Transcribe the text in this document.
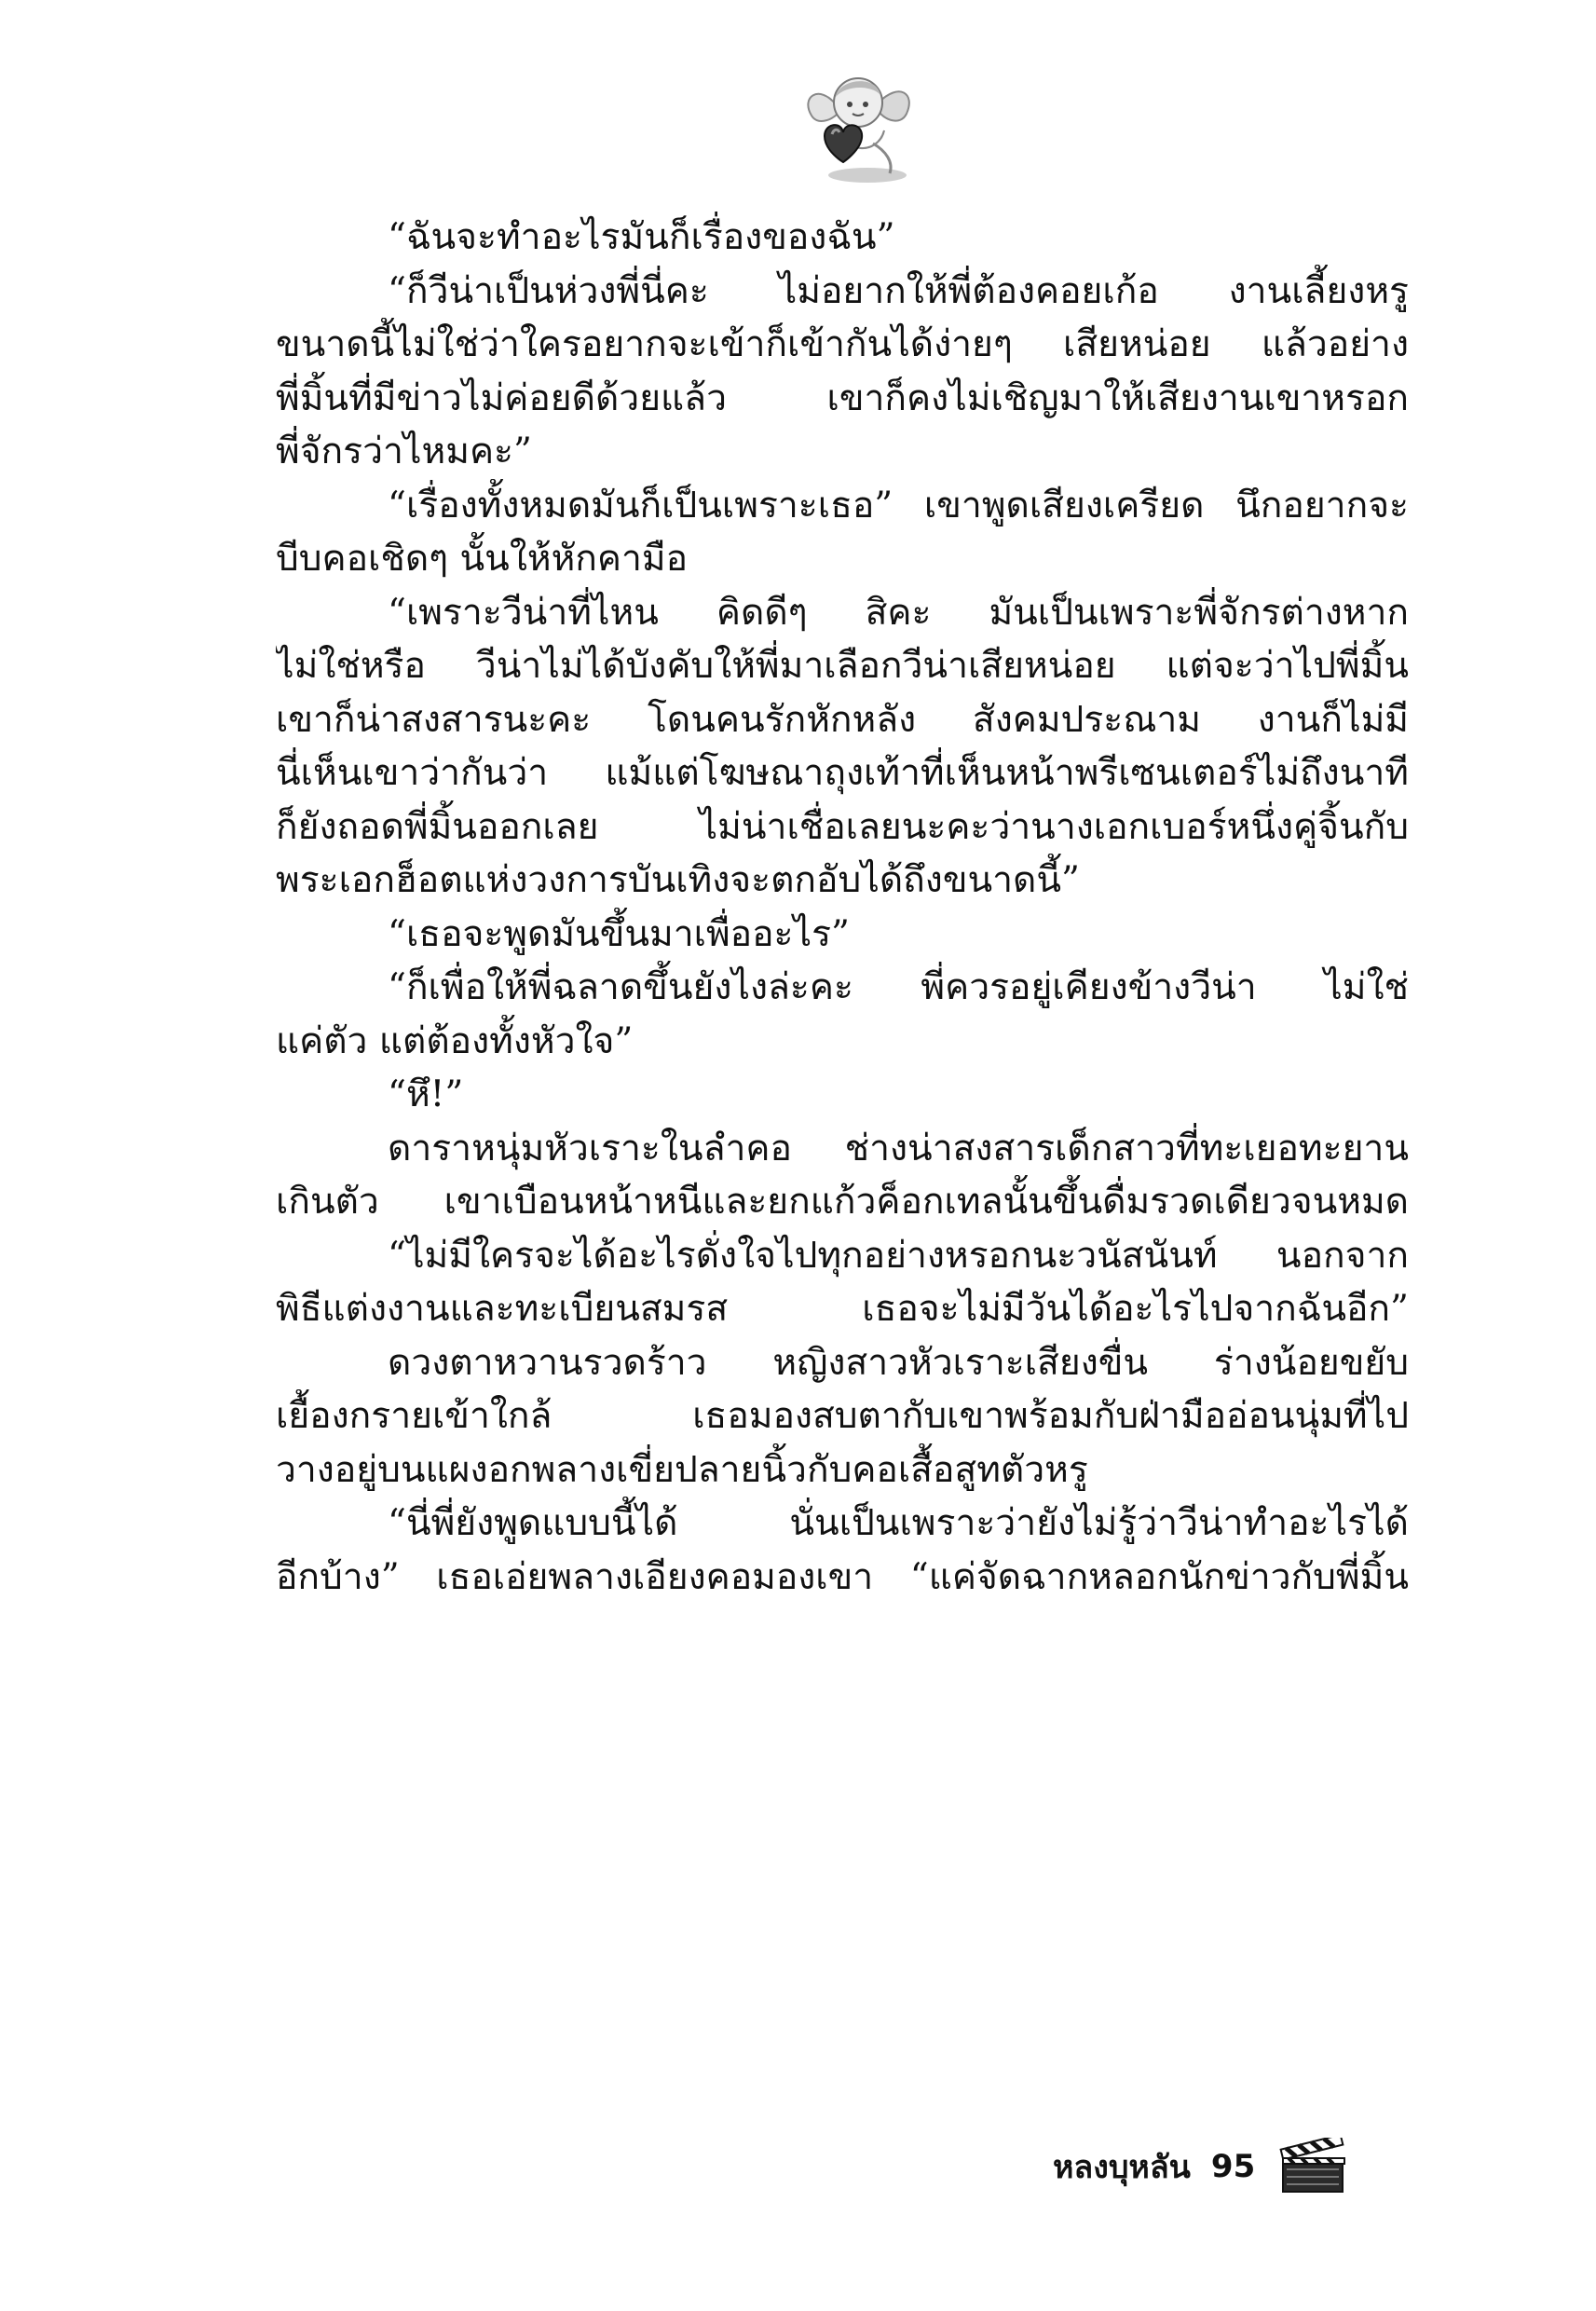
“ฉันจะทำอะไรมันก็เรื่องของฉัน”
“ก็วีน่าเป็นห่วงพี่นี่คะ ไม่อยากให้พี่ต้องคอยเก้อ งานเลี้ยงหรู
ขนาดนี้ไม่ใช่ว่าใครอยากจะเข้าก็เข้ากันได้ง่ายๆ เสียหน่อย แล้วอย่าง
พี่มิ้นที่มีข่าวไม่ค่อยดีด้วยแล้ว เขาก็คงไม่เชิญมาให้เสียงานเขาหรอก
พี่จักรว่าไหมคะ”
“เรื่องทั้งหมดมันก็เป็นเพราะเธอ” เขาพูดเสียงเครียด นึกอยากจะ
บีบคอเชิดๆ นั้นให้หักคามือ
“เพราะวีน่าที่ไหน คิดดีๆ สิคะ มันเป็นเพราะพี่จักรต่างหาก
ไม่ใช่หรือ วีน่าไม่ได้บังคับให้พี่มาเลือกวีน่าเสียหน่อย แต่จะว่าไปพี่มิ้น
เขาก็น่าสงสารนะคะ โดนคนรักหักหลัง สังคมประณาม งานก็ไม่มี
นี่เห็นเขาว่ากันว่า แม้แต่โฆษณาถุงเท้าที่เห็นหน้าพรีเซนเตอร์ไม่ถึงนาที
ก็ยังถอดพี่มิ้นออกเลย ไม่น่าเชื่อเลยนะคะว่านางเอกเบอร์หนึ่งคู่จิ้นกับ
พระเอกฮ็อตแห่งวงการบันเทิงจะตกอับได้ถึงขนาดนี้”
“เธอจะพูดมันขึ้นมาเพื่ออะไร”
“ก็เพื่อให้พี่ฉลาดขึ้นยังไงล่ะคะ พี่ควรอยู่เคียงข้างวีน่า ไม่ใช่
แค่ตัว แต่ต้องทั้งหัวใจ”
“หึ!”
ดาราหนุ่มหัวเราะในลำคอ ช่างน่าสงสารเด็กสาวที่ทะเยอทะยาน
เกินตัว เขาเบือนหน้าหนีและยกแก้วค็อกเทลนั้นขึ้นดื่มรวดเดียวจนหมด
“ไม่มีใครจะได้อะไรดั่งใจไปทุกอย่างหรอกนะวนัสนันท์ นอกจาก
พิธีแต่งงานและทะเบียนสมรส เธอจะไม่มีวันได้อะไรไปจากฉันอีก”
ดวงตาหวานรวดร้าว หญิงสาวหัวเราะเสียงขื่น ร่างน้อยขยับ
เยื้องกรายเข้าใกล้ เธอมองสบตากับเขาพร้อมกับฝ่ามืออ่อนนุ่มที่ไป
วางอยู่บนแผงอกพลางเขี่ยปลายนิ้วกับคอเสื้อสูทตัวหรู
“นี่พี่ยังพูดแบบนี้ได้ นั่นเป็นเพราะว่ายังไม่รู้ว่าวีน่าทำอะไรได้
อีกบ้าง” เธอเอ่ยพลางเอียงคอมองเขา “แค่จัดฉากหลอกนักข่าวกับพี่มิ้น
หลงบุหลัน 95
